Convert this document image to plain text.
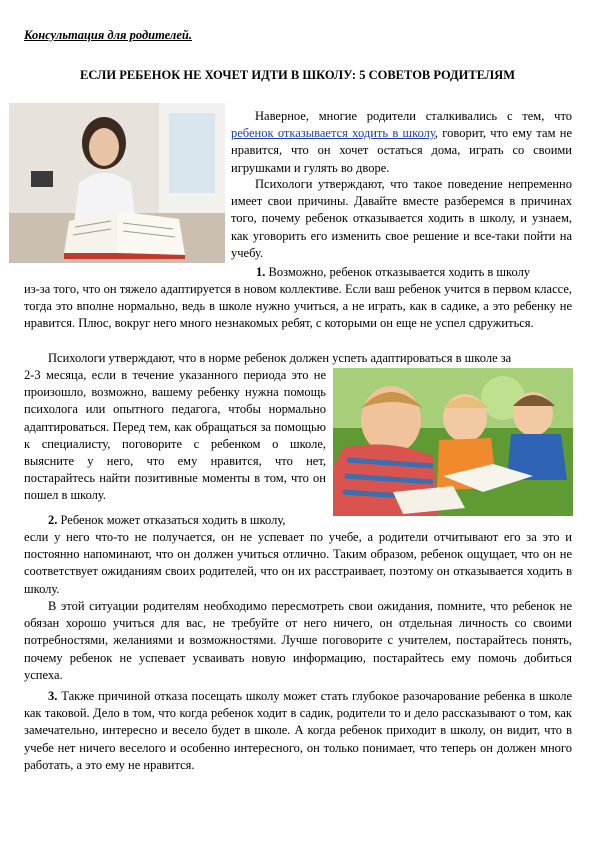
Консультация для родителей.
ЕСЛИ РЕБЕНОК НЕ ХОЧЕТ ИДТИ В ШКОЛУ: 5 СОВЕТОВ РОДИТЕЛЯМ
Наверное, многие родители сталкивались с тем, что ребенок отказывается ходить в школу, говорит, что ему там не нравится, что он хочет остаться дома, играть со своими игрушками и гулять во дворе.
Психологи утверждают, что такое поведение непременно имеет свои причины. Давайте вместе разберемся в причинах того, почему ребенок отказывается ходить в школу, и узнаем, как уговорить его изменить свое решение и все-таки пойти на учебу.
1. Возможно, ребенок отказывается ходить в школу
из-за того, что он тяжело адаптируется в новом коллективе. Если ваш ребенок учится в первом классе, тогда это вполне нормально, ведь в школе нужно учиться, а не играть, как в садике, а это ребенку не нравится. Плюс, вокруг него много незнакомых ребят, с которыми он еще не успел сдружиться.
Психологи утверждают, что в норме ребенок должен успеть адаптироваться в школе за
2-3 месяца, если в течение указанного периода это не произошло, возможно, вашему ребенку нужна помощь психолога или опытного педагога, чтобы нормально адаптироваться. Перед тем, как обращаться за помощью к специалисту, поговорите с ребенком о школе, выясните у него, что ему нравится, что нет, постарайтесь найти позитивные моменты в том, что он пошел в школу.
2. Ребенок может отказаться ходить в школу,
если у него что-то не получается, он не успевает по учебе, а родители отчитывают его за это и постоянно напоминают, что он должен учиться отлично. Таким образом, ребенок ощущает, что он не соответствует ожиданиям своих родителей, что он их расстраивает, поэтому он отказывается ходить в школу.
В этой ситуации родителям необходимо пересмотреть свои ожидания, помните, что ребенок не обязан хорошо учиться для вас, не требуйте от него ничего, он отдельная личность со своими потребностями, желаниями и возможностями. Лучше поговорите с учителем, постарайтесь понять, почему ребенок не успевает усваивать новую информацию, постарайтесь ему помочь добиться успеха.
3. Также причиной отказа посещать школу может стать глубокое разочарование ребенка в школе как таковой. Дело в том, что когда ребенок ходит в садик, родители то и дело рассказывают о том, как замечательно, интересно и весело будет в школе. А когда ребенок приходит в школу, он видит, что в учебе нет ничего веселого и особенно интересного, он только понимает, что теперь он должен много работать, а это ему не нравится.
